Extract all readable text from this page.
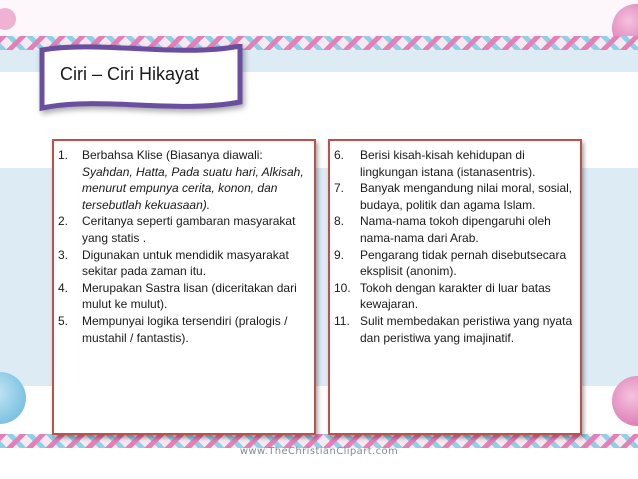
Ciri – Ciri Hikayat
1.	Berbahsa Klise (Biasanya diawali: Syahdan, Hatta, Pada suatu hari, Alkisah, menurut empunya cerita, konon, dan tersebutlah kekuasaan).
2.	Ceritanya seperti gambaran masyarakat yang statis .
3.	Digunakan untuk mendidik masyarakat sekitar pada zaman itu.
4.	Merupakan Sastra lisan (diceritakan dari mulut ke mulut).
5.	Mempunyai logika tersendiri (pralogis / mustahil / fantastis).
6.	Berisi kisah-kisah kehidupan di lingkungan istana (istanasentris).
7.	Banyak mengandung nilai moral, sosial, budaya, politik dan agama Islam.
8.	Nama-nama tokoh dipengaruhi oleh nama-nama dari Arab.
9.	Pengarang tidak pernah disebutsecara eksplisit (anonim).
10. Tokoh dengan karakter di luar batas kewajaran.
11. Sulit membedakan peristiwa yang nyata dan peristiwa yang imajinatif.
www.TheChristianClipart.com
